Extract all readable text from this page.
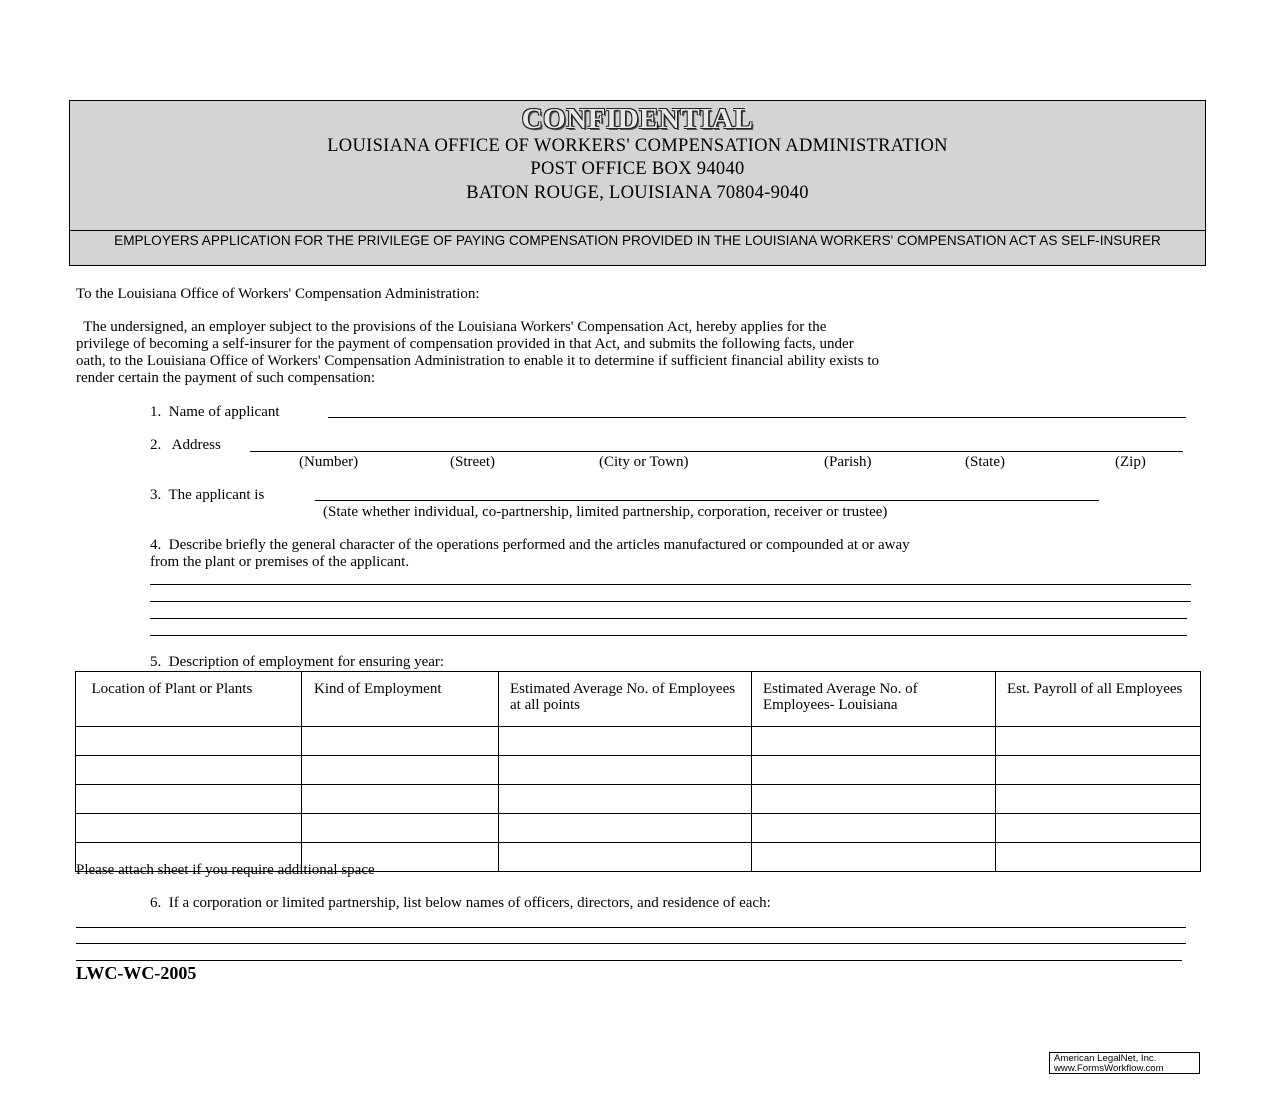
CONFIDENTIAL
LOUISIANA OFFICE OF WORKERS' COMPENSATION ADMINISTRATION
POST OFFICE BOX 94040
BATON ROUGE, LOUISIANA 70804-9040
EMPLOYERS APPLICATION FOR THE PRIVILEGE OF PAYING COMPENSATION PROVIDED IN THE LOUISIANA WORKERS' COMPENSATION ACT AS SELF-INSURER
To the Louisiana Office of Workers' Compensation Administration:
The undersigned, an employer subject to the provisions of the Louisiana Workers' Compensation Act, hereby applies for the
privilege of becoming a self-insurer for the payment of compensation provided in that Act, and submits the following facts, under
oath, to the Louisiana Office of Workers' Compensation Administration to enable it to determine if sufficient financial ability exists to
render certain the payment of such compensation:
1.  Name of applicant
2.   Address
(Number)	(Street)	(City or Town)	(Parish)	(State)	(Zip)
3.  The applicant is
(State whether individual, co-partnership, limited partnership, corporation, receiver or trustee)
4.  Describe briefly the general character of the operations performed and the articles manufactured or compounded at or away
from the plant or premises of the applicant.
5.  Description of employment for ensuring year:
Location of Plant or Plants	Kind of Employment	Estimated Average No. of Employees at all points	Estimated Average No. of Employees- Louisiana	Est. Payroll of all Employees

Please attach sheet if you require additional space
6.  If a corporation or limited partnership, list below names of officers, directors, and residence of each:
LWC-WC-2005
American LegalNet, Inc.
www.FormsWorkflow.com
